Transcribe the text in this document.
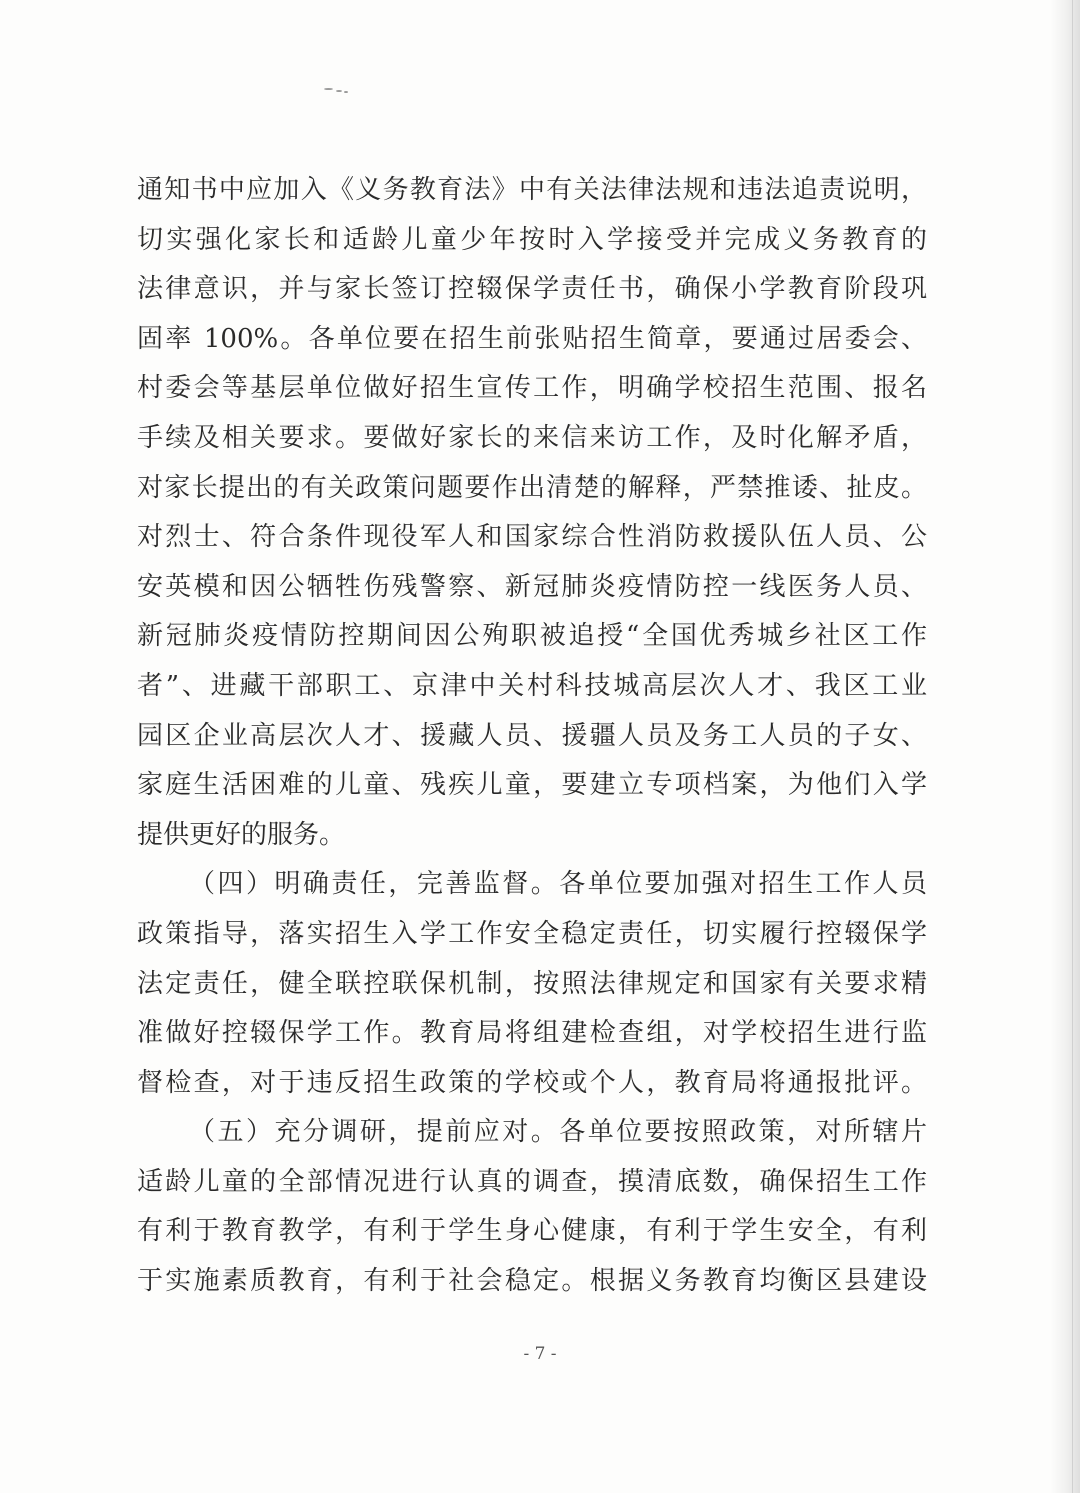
通知书中应加入《义务教育法》中有关法律法规和违法追责说明，
切实强化家长和适龄儿童少年按时入学接受并完成义务教育的
法律意识，并与家长签订控辍保学责任书，确保小学教育阶段巩
固率 100%。各单位要在招生前张贴招生简章，要通过居委会、
村委会等基层单位做好招生宣传工作，明确学校招生范围、报名
手续及相关要求。要做好家长的来信来访工作，及时化解矛盾，
对家长提出的有关政策问题要作出清楚的解释，严禁推诿、扯皮。
对烈士、符合条件现役军人和国家综合性消防救援队伍人员、公
安英模和因公牺牲伤残警察、新冠肺炎疫情防控一线医务人员、
新冠肺炎疫情防控期间因公殉职被追授“全国优秀城乡社区工作
者”、进藏干部职工、京津中关村科技城高层次人才、我区工业
园区企业高层次人才、援藏人员、援疆人员及务工人员的子女、
家庭生活困难的儿童、残疾儿童，要建立专项档案，为他们入学
提供更好的服务。
（四）明确责任，完善监督。各单位要加强对招生工作人员
政策指导，落实招生入学工作安全稳定责任，切实履行控辍保学
法定责任，健全联控联保机制，按照法律规定和国家有关要求精
准做好控辍保学工作。教育局将组建检查组，对学校招生进行监
督检查，对于违反招生政策的学校或个人，教育局将通报批评。
（五）充分调研，提前应对。各单位要按照政策，对所辖片
适龄儿童的全部情况进行认真的调查，摸清底数，确保招生工作
有利于教育教学，有利于学生身心健康，有利于学生安全，有利
于实施素质教育，有利于社会稳定。根据义务教育均衡区县建设
- 7 -
